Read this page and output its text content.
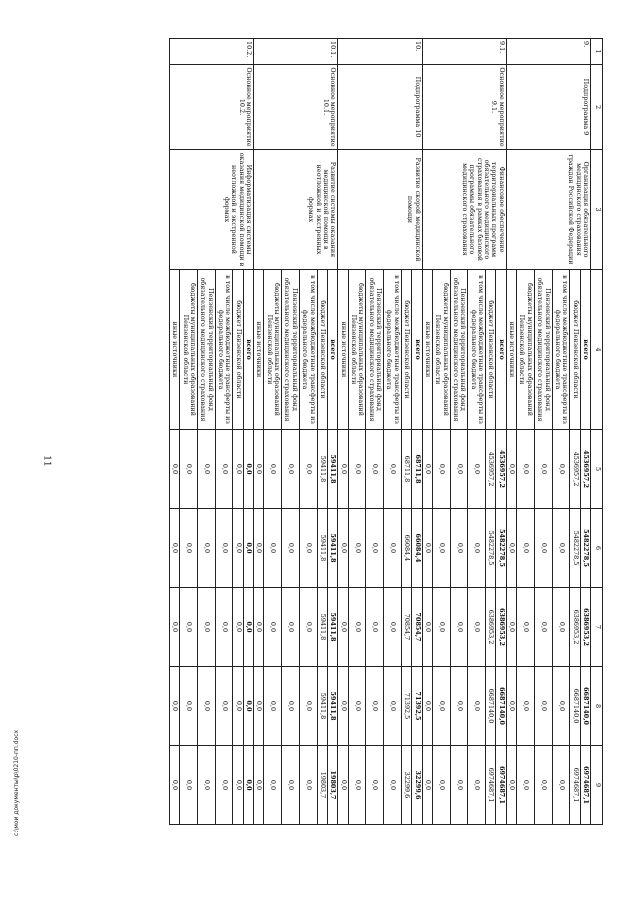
11
c:\мои документы\р\0210-пп.docx
1	2	3	4	5	6	7	8	9
9.	Подпрограмма 9	Организация обязательного медицинского страхования граждан Российской Федерации	всего	4536957,2	5482278,5	6386953,2	6687140,0	6974687,1
			бюджет Пензенской области	4536957,2	5482278,5	6386953,2	6687140,0	6974687,1
			в том числе межбюджетные трансферты из федерального бюджета	0,0	0,0	0,0	0,0	0,0
			Пензенский территориальный фонд обязательного медицинского страхования	0,0	0,0	0,0	0,0	0,0
			бюджеты муниципальных образований Пензенской области	0,0	0,0	0,0	0,0	0,0
			иные источники	0,0	0,0	0,0	0,0	0,0
9.1.	Основное мероприятие 9.1.	Финансовое обеспечение территориальных программ обязательного медицинского страхования в рамках базовой программы обязательного медицинского страхования	всего	4536957,2	5482278,5	6386953,2	6687140,0	6974687,1
			бюджет Пензенской области	4536957,2	5482278,5	6386953,2	6687140,0	6974687,1
			в том числе межбюджетные трансферты из федерального бюджета	0,0	0,0	0,0	0,0	0,0
			Пензенский территориальный фонд обязательного медицинского страхования	0,0	0,0	0,0	0,0	0,0
			бюджеты муниципальных образований Пензенской области	0,0	0,0	0,0	0,0	0,0
			иные источники	0,0	0,0	0,0	0,0	0,0
10.	Подпрограмма 10	Развитие скорой медицинской помощи	всего	68711,8	66084,4	70854,7	71392,5	32299,6
			бюджет Пензенской области	68711,8	66084,4	70854,7	71392,5	32299,6
			в том числе межбюджетные трансферты из федерального бюджета	0,0	0,0	0,0	0,0	0,0
			Пензенский территориальный фонд обязательного медицинского страхования	0,0	0,0	0,0	0,0	0,0
			бюджеты муниципальных образований Пензенской области	0,0	0,0	0,0	0,0	0,0
			иные источники	0,0	0,0	0,0	0,0	0,0
10.1.	Основное мероприятие 10.1.	Развитие системы оказания медицинской помощи в неотложной и экстренных формах	всего	59411,8	59411,8	59411,8	59411,8	19803,7
			бюджет Пензенской области	59411,8	59411,8	59411,8	59411,8	19803,7
			в том числе межбюджетные трансферты из федерального бюджета	0,0	0,0	0,0	0,0	0,0
			Пензенский территориальный фонд обязательного медицинского страхования	0,0	0,0	0,0	0,0	0,0
			бюджеты муниципальных образований Пензенской области	0,0	0,0	0,0	0,0	0,0
			иные источники	0,0	0,0	0,0	0,0	0,0
10.2.	Основное мероприятие 10.2.	Информатизация системы оказания медицинской помощи в неотложной и экстренной формах	всего	0,0	0,0	0,0	0,0	0,0
			бюджет Пензенской области	0,0	0,0	0,0	0,0	0,0
			в том числе межбюджетные трансферты из федерального бюджета	0,0	0,0	0,0	0,0	0,0
			Пензенский территориальный фонд обязательного медицинского страхования	0,0	0,0	0,0	0,0	0,0
			бюджеты муниципальных образований Пензенской области	0,0	0,0	0,0	0,0	0,0
			иные источники	0,0	0,0	0,0	0,0	0,0
